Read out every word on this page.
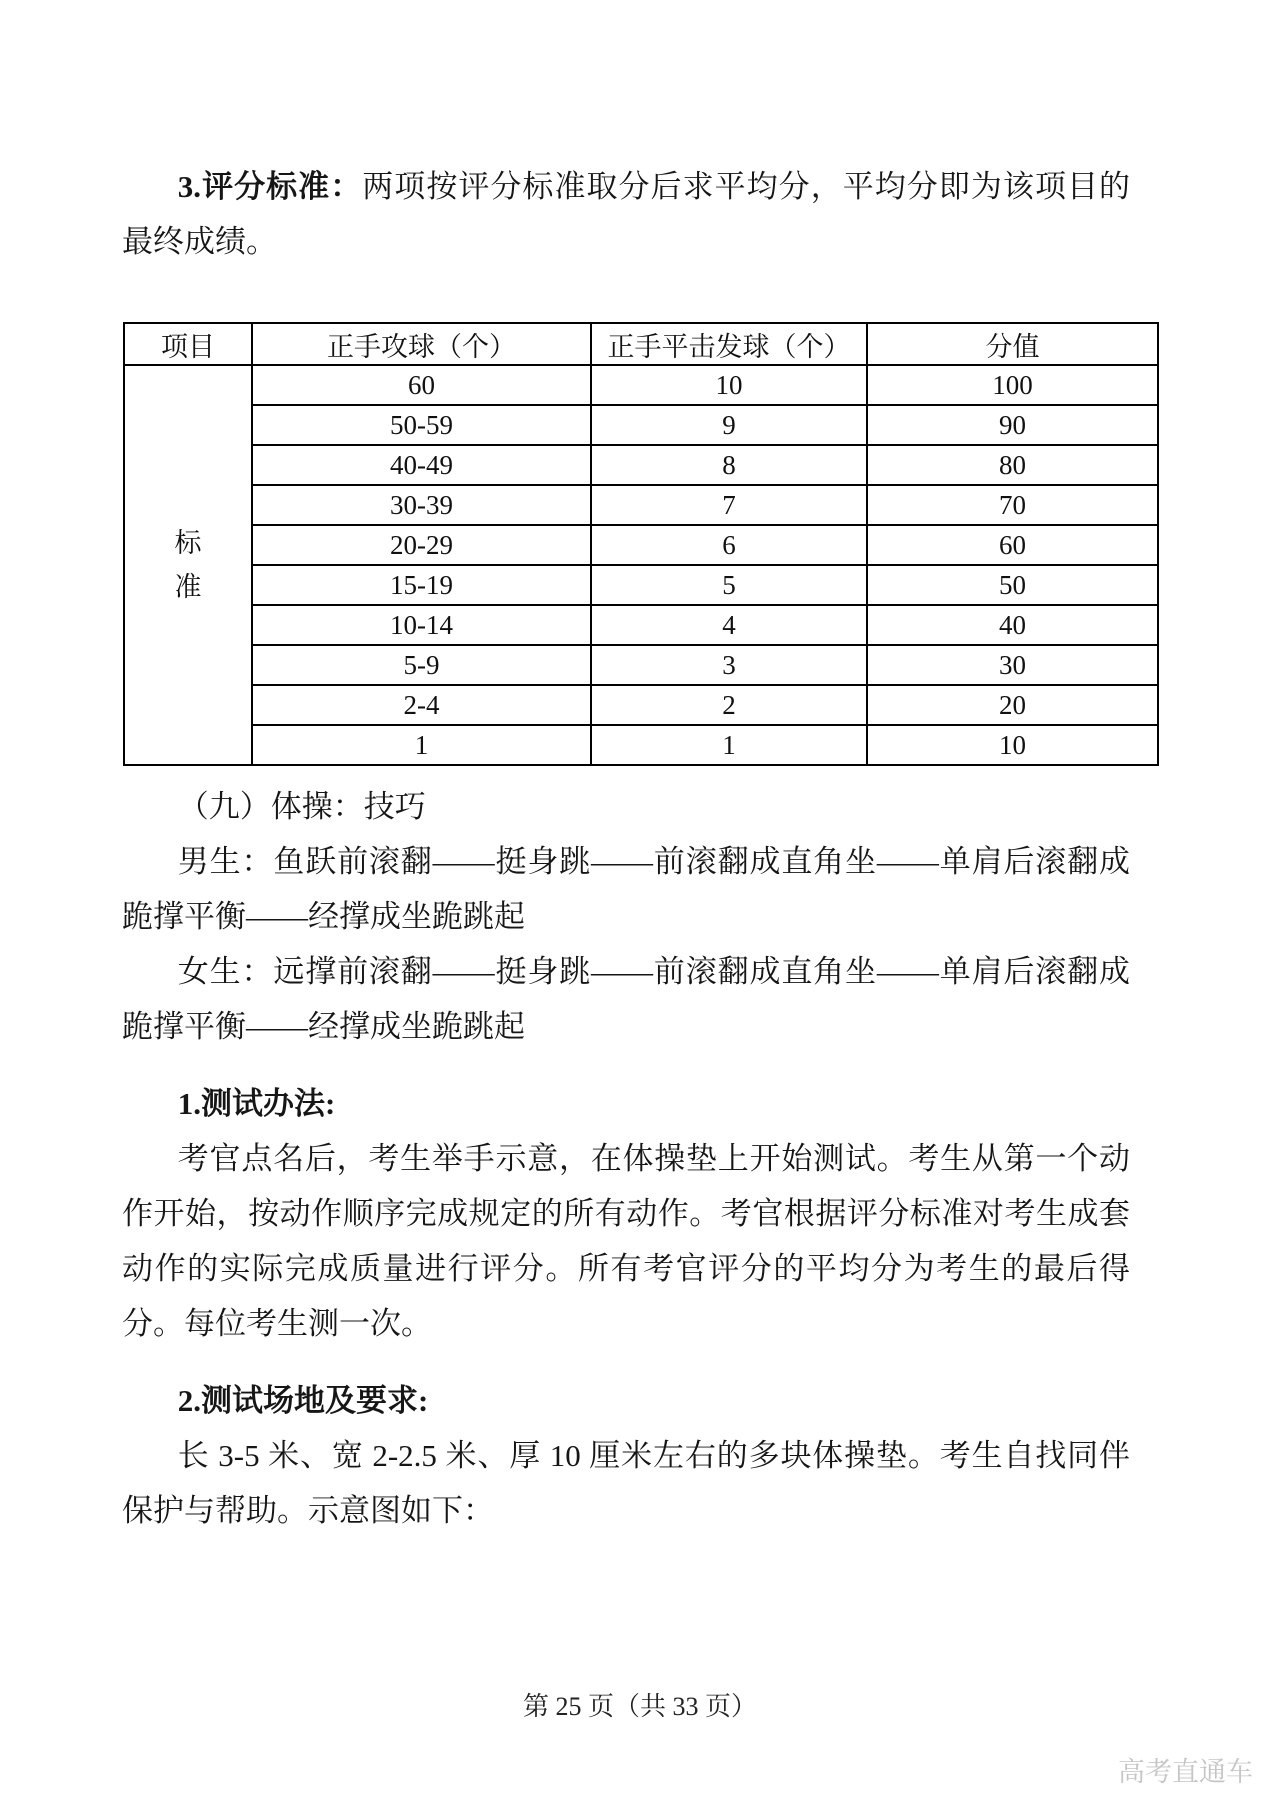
3.评分标准：两项按评分标准取分后求平均分，平均分即为该项目的最终成绩。

项目	正手攻球（个）	正手平击发球（个）	分值
标
准	60	10	100
	50-59	9	90
	40-49	8	80
	30-39	7	70
	20-29	6	60
	15-19	5	50
	10-14	4	40
	5-9	3	30
	2-4	2	20
	1	1	10

（九）体操：技巧

男生：鱼跃前滚翻——挺身跳——前滚翻成直角坐——单肩后滚翻成跪撑平衡——经撑成坐跪跳起

女生：远撑前滚翻——挺身跳——前滚翻成直角坐——单肩后滚翻成跪撑平衡——经撑成坐跪跳起

1.测试办法:

考官点名后，考生举手示意，在体操垫上开始测试。考生从第一个动作开始，按动作顺序完成规定的所有动作。考官根据评分标准对考生成套动作的实际完成质量进行评分。所有考官评分的平均分为考生的最后得分。每位考生测一次。

2.测试场地及要求:

长 3-5 米、宽 2-2.5 米、厚 10 厘米左右的多块体操垫。考生自找同伴保护与帮助。示意图如下：

第 25 页（共 33 页）
高考直通车
